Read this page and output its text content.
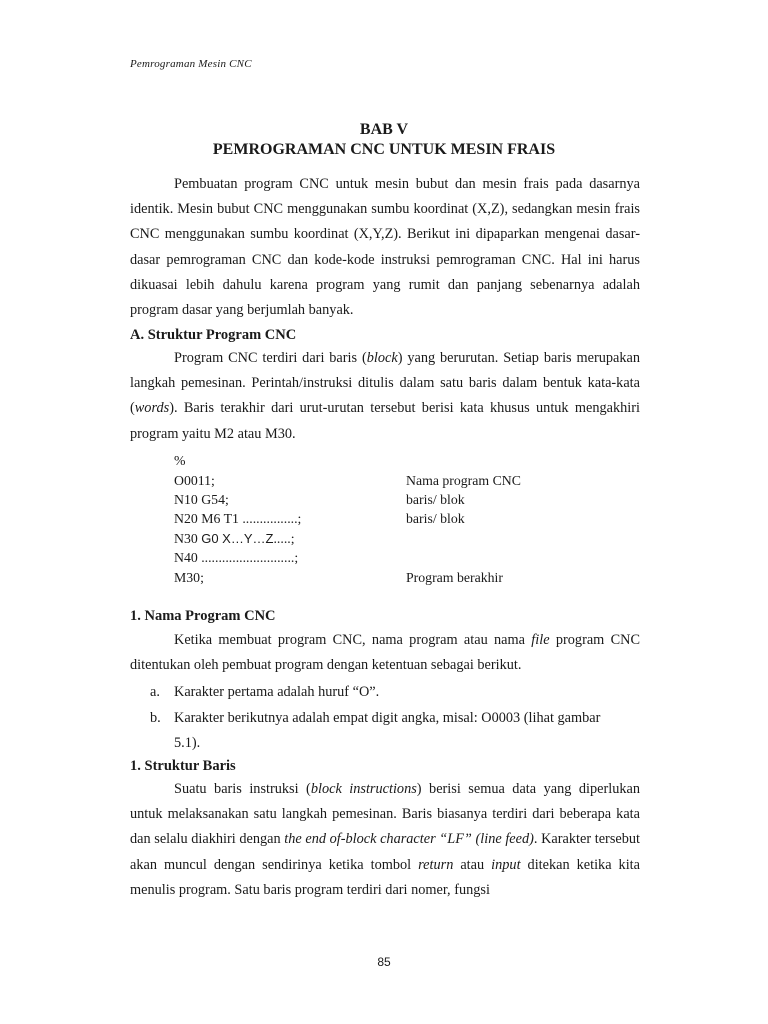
Pemrograman Mesin CNC
BAB V
PEMROGRAMAN CNC UNTUK MESIN FRAIS

Pembuatan program CNC untuk mesin bubut dan mesin frais pada dasarnya identik. Mesin bubut CNC menggunakan sumbu koordinat (X,Z), sedangkan mesin frais CNC menggunakan sumbu koordinat (X,Y,Z). Berikut ini dipaparkan mengenai dasar-dasar pemrograman CNC dan kode-kode instruksi pemrograman CNC. Hal ini harus dikuasai lebih dahulu karena program yang rumit dan panjang sebenarnya adalah program dasar yang berjumlah banyak.

A. Struktur Program CNC

Program CNC terdiri dari baris (block) yang berurutan. Setiap baris merupakan langkah pemesinan. Perintah/instruksi ditulis dalam satu baris dalam bentuk kata-kata (words). Baris terakhir dari urut-urutan tersebut berisi kata khusus untuk mengakhiri program yaitu M2 atau M30.

%
O0011;	Nama program CNC
N10 G54;	baris/ blok
N20 M6 T1 ................;	baris/ blok
N30 G0 X…Y…Z.....;
N40 ...........................;
M30;	Program berakhir
1. Nama Program CNC

Ketika membuat program CNC, nama program atau nama file program CNC ditentukan oleh pembuat program dengan ketentuan sebagai berikut.

a. Karakter pertama adalah huruf “O”.
b. Karakter berikutnya adalah empat digit angka, misal: O0003 (lihat gambar
5.1).
1. Struktur Baris

Suatu baris instruksi (block instructions) berisi semua data yang diperlukan untuk melaksanakan satu langkah pemesinan. Baris biasanya terdiri dari beberapa kata dan selalu diakhiri dengan the end of-block character “LF” (line feed). Karakter tersebut akan muncul dengan sendirinya ketika tombol return atau input ditekan ketika kita menulis program. Satu baris program terdiri dari nomer, fungsi

85
